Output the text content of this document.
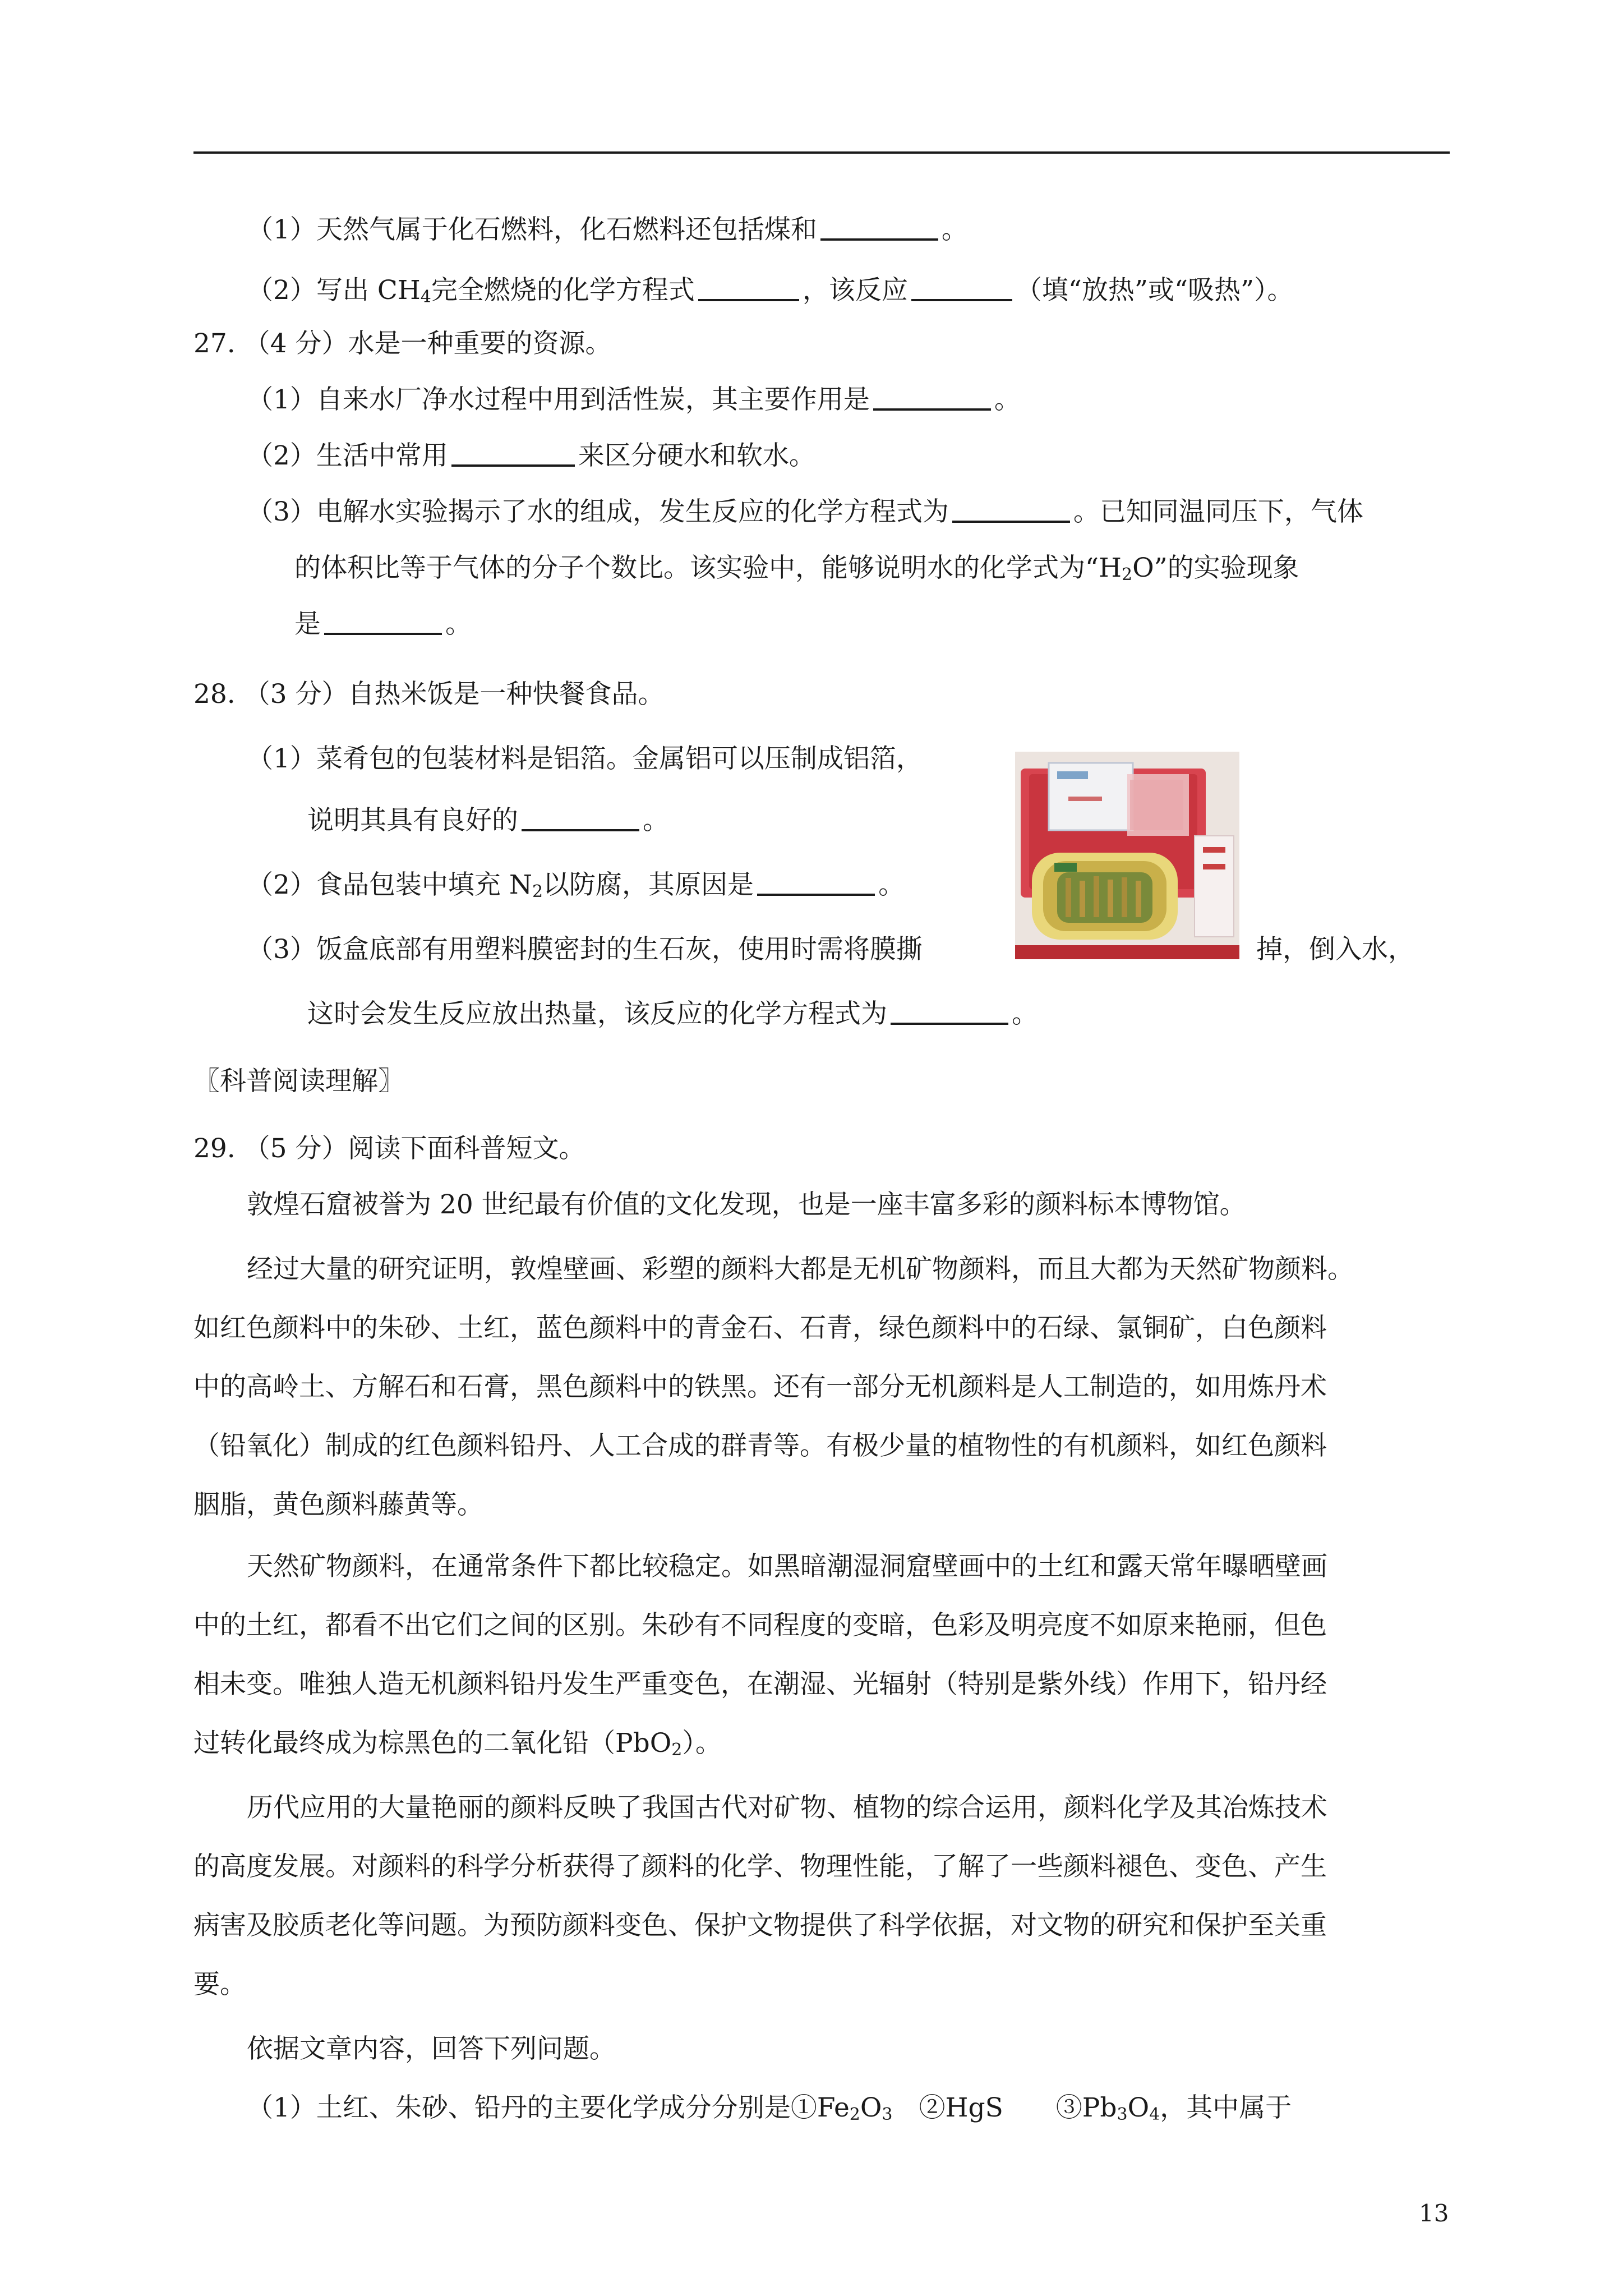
（1）天然气属于化石燃料，化石燃料还包括煤和	。
（2）写出 $CH_4$完全燃烧的化学方程式	，该反应	（填“放热”或“吸热”）。
27. （4 分）水是一种重要的资源。
（1）自来水厂净水过程中用到活性炭，其主要作用是	。
（2）生活中常用	来区分硬水和软水。
（3）电解水实验揭示了水的组成，发生反应的化学方程式为	。已知同温同压下，气体
的体积比等于气体的分子个数比。该实验中，能够说明水的化学式为“$H_2O$”的实验现象
是	。
28. （3 分）自热米饭是一种快餐食品。
（1）菜肴包的包装材料是铝箔。金属铝可以压制成铝箔，
说明其具有良好的	。
（2）食品包装中填充 $N_2$以防腐，其原因是	。
（3）饭盒底部有用塑料膜密封的生石灰，使用时需将膜撕	掉，倒入水，
这时会发生反应放出热量，该反应的化学方程式为	。
〖科普阅读理解〗
29. （5 分）阅读下面科普短文。
敦煌石窟被誉为 20 世纪最有价值的文化发现，也是一座丰富多彩的颜料标本博物馆。
经过大量的研究证明，敦煌壁画、彩塑的颜料大都是无机矿物颜料，而且大都为天然矿物颜料。
如红色颜料中的朱砂、土红，蓝色颜料中的青金石、石青，绿色颜料中的石绿、氯铜矿，白色颜料
中的高岭土、方解石和石膏，黑色颜料中的铁黑。还有一部分无机颜料是人工制造的，如用炼丹术
（铅氧化）制成的红色颜料铅丹、人工合成的群青等。有极少量的植物性的有机颜料，如红色颜料
胭脂，黄色颜料藤黄等。
天然矿物颜料，在通常条件下都比较稳定。如黑暗潮湿洞窟壁画中的土红和露天常年曝晒壁画
中的土红，都看不出它们之间的区别。朱砂有不同程度的变暗，色彩及明亮度不如原来艳丽，但色
相未变。唯独人造无机颜料铅丹发生严重变色，在潮湿、光辐射（特别是紫外线）作用下，铅丹经
过转化最终成为棕黑色的二氧化铅（PbO$_2$）。
历代应用的大量艳丽的颜料反映了我国古代对矿物、植物的综合运用，颜料化学及其冶炼技术
的高度发展。对颜料的科学分析获得了颜料的化学、物理性能，了解了一些颜料褪色、变色、产生
病害及胶质老化等问题。为预防颜料变色、保护文物提供了科学依据，对文物的研究和保护至关重
要。
依据文章内容，回答下列问题。
（1）土红、朱砂、铅丹的主要化学成分分别是$①Fe_2O_3$　②HgS　　$③Pb_3O_4$，其中属于
13
